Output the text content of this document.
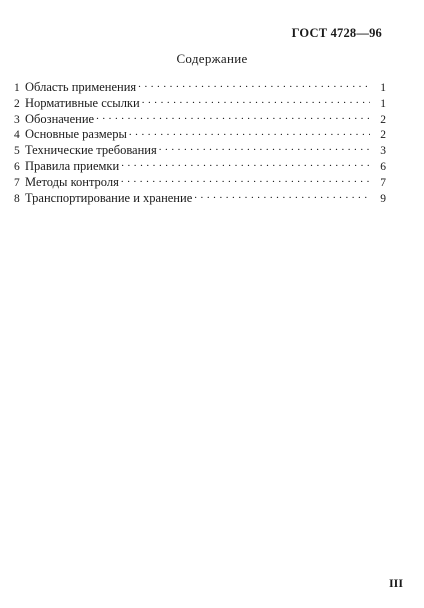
ГОСТ 4728—96
Содержание
1 Область применения . . .	1
2 Нормативные ссылки . . .	1
3 Обозначение . . .	2
4 Основные размеры . . .	2
5 Технические требования . . .	3
6 Правила приемки . . .	6
7 Методы контроля . . .	7
8 Транспортирование и хранение . . .	9
III
